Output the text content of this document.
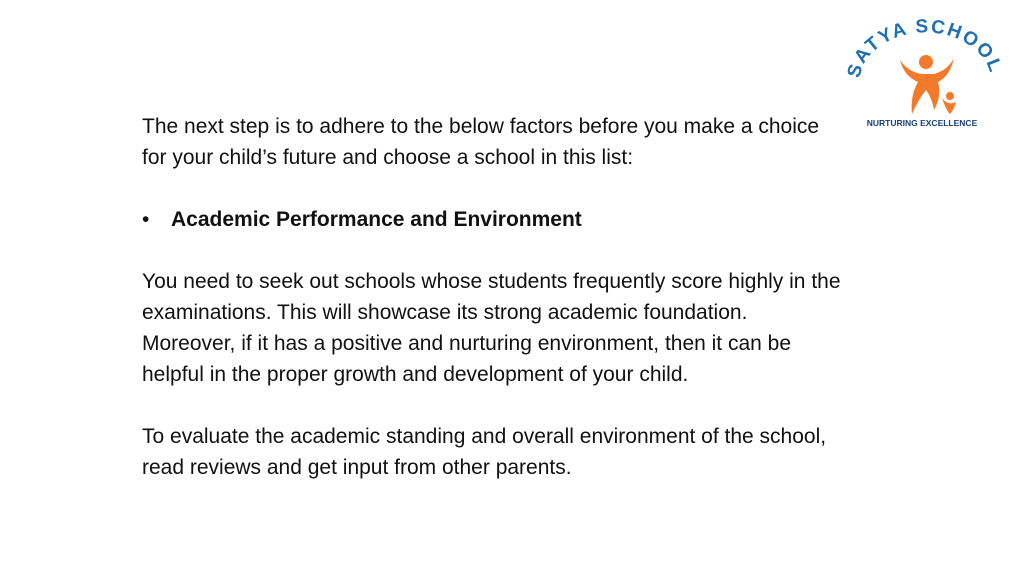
SATYA SCHOOL
NURTURING EXCELLENCE

The next step is to adhere to the below factors before you make a choice for your child’s future and choose a school in this list:

•	Academic Performance and Environment

You need to seek out schools whose students frequently score highly in the examinations. This will showcase its strong academic foundation. Moreover, if it has a positive and nurturing environment, then it can be helpful in the proper growth and development of your child.

To evaluate the academic standing and overall environment of the school, read reviews and get input from other parents.
